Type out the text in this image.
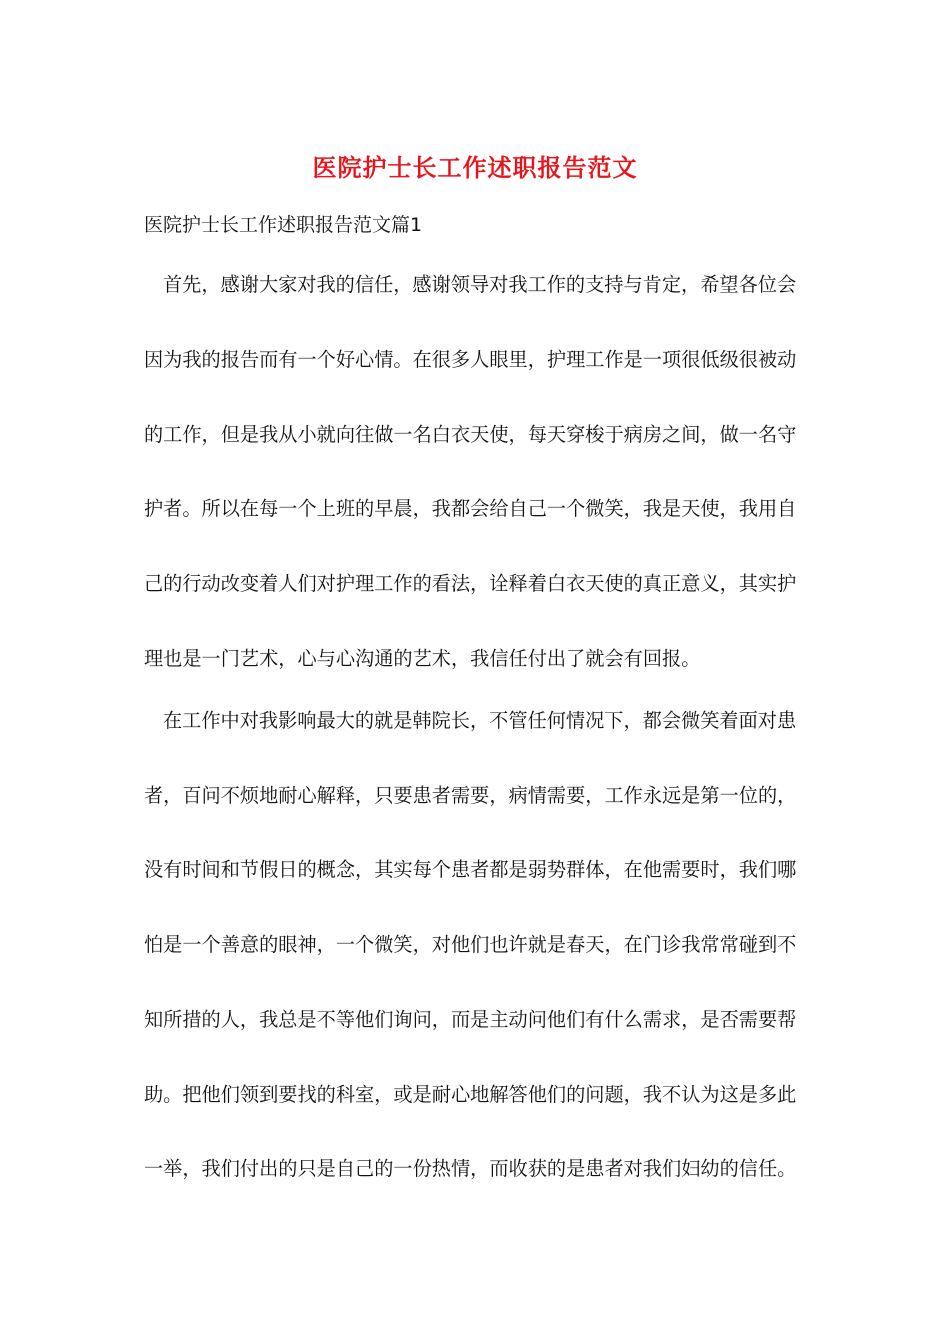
医院护士长工作述职报告范文
医院护士长工作述职报告范文篇1
首先，感谢大家对我的信任，感谢领导对我工作的支持与肯定，希望各位会
因为我的报告而有一个好心情。在很多人眼里，护理工作是一项很低级很被动
的工作，但是我从小就向往做一名白衣天使，每天穿梭于病房之间，做一名守
护者。所以在每一个上班的早晨，我都会给自己一个微笑，我是天使，我用自
己的行动改变着人们对护理工作的看法，诠释着白衣天使的真正意义，其实护
理也是一门艺术，心与心沟通的艺术，我信任付出了就会有回报。
在工作中对我影响最大的就是韩院长，不管任何情况下，都会微笑着面对患
者，百问不烦地耐心解释，只要患者需要，病情需要，工作永远是第一位的，
没有时间和节假日的概念，其实每个患者都是弱势群体，在他需要时，我们哪
怕是一个善意的眼神，一个微笑，对他们也许就是春天，在门诊我常常碰到不
知所措的人，我总是不等他们询问，而是主动问他们有什么需求，是否需要帮
助。把他们领到要找的科室，或是耐心地解答他们的问题，我不认为这是多此
一举，我们付出的只是自己的一份热情，而收获的是患者对我们妇幼的信任。
